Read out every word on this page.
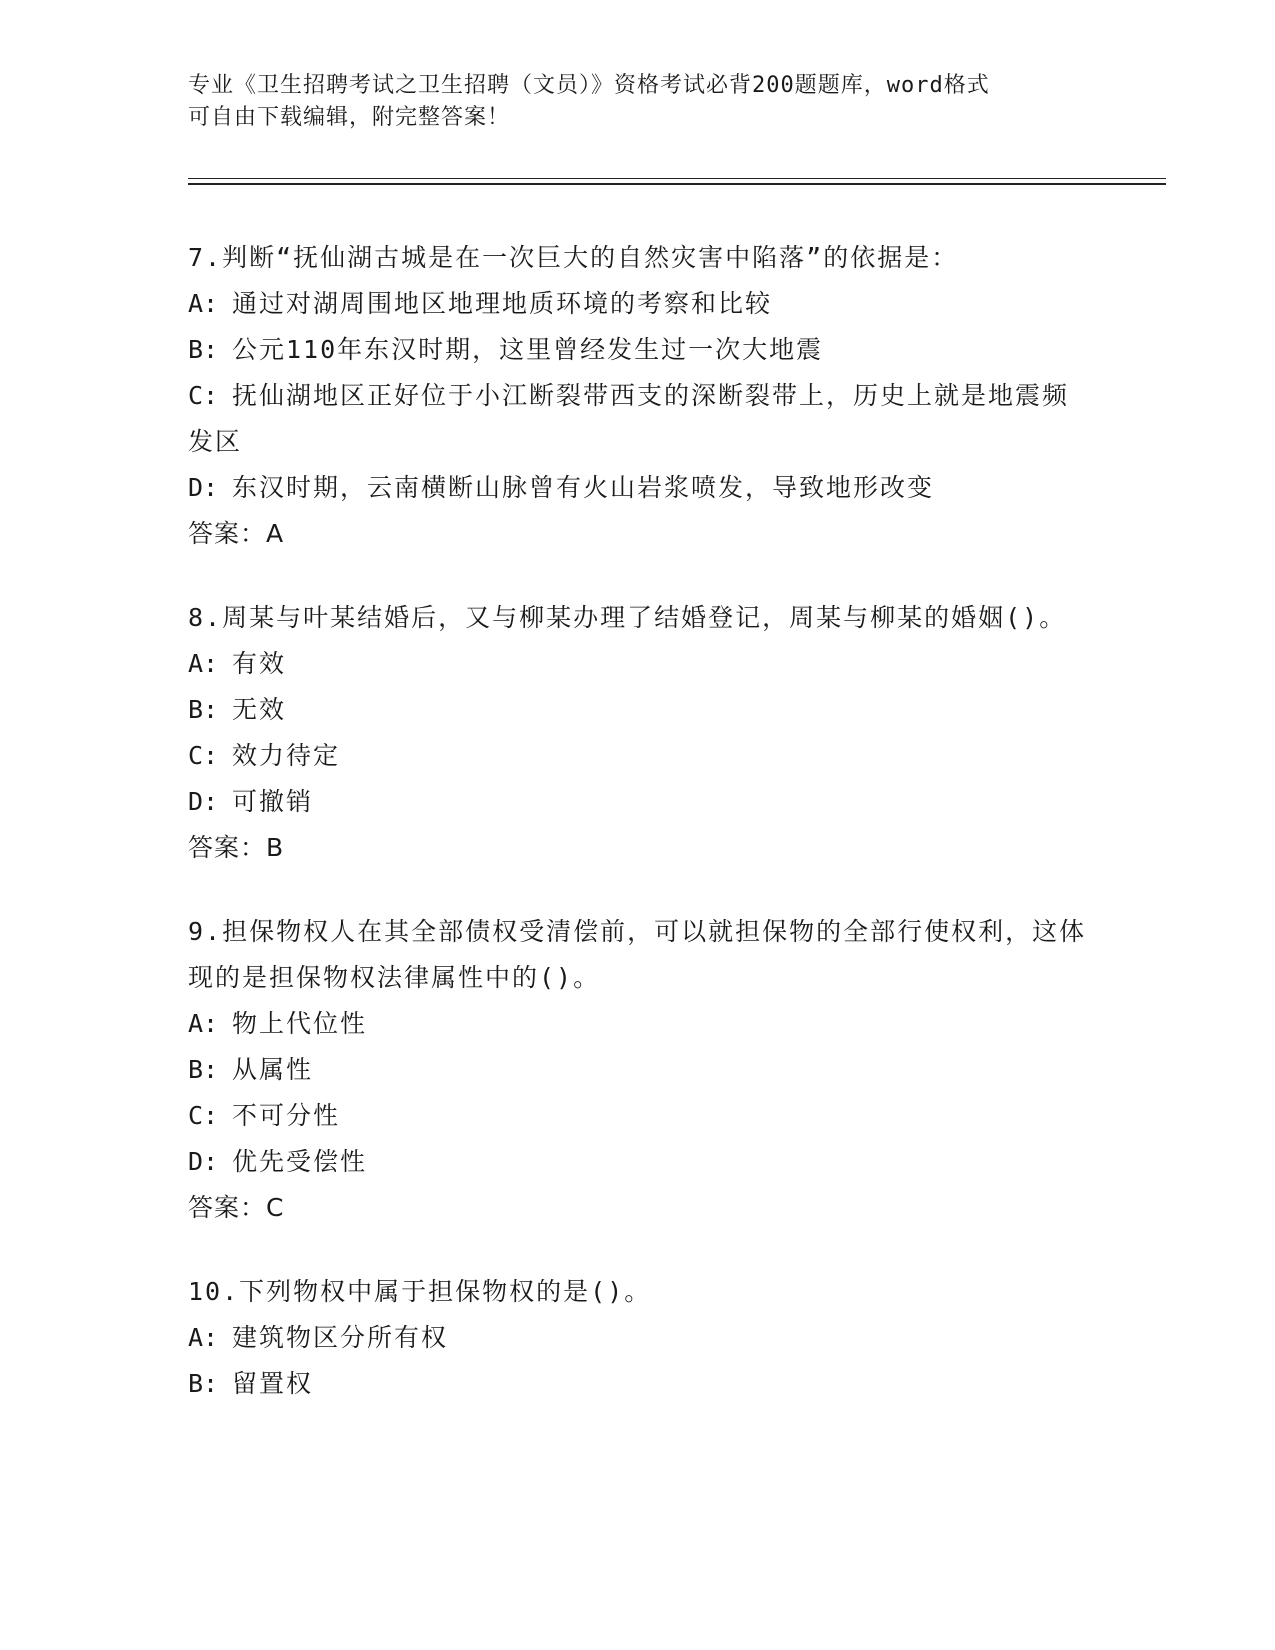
专业《卫生招聘考试之卫生招聘（文员）》资格考试必背200题题库，word格式
可自由下载编辑，附完整答案！

7.判断“抚仙湖古城是在一次巨大的自然灾害中陷落”的依据是：

A: 通过对湖周围地区地理地质环境的考察和比较

B: 公元110年东汉时期，这里曾经发生过一次大地震

C: 抚仙湖地区正好位于小江断裂带西支的深断裂带上，历史上就是地震频发区

D: 东汉时期，云南横断山脉曾有火山岩浆喷发，导致地形改变

答案：A

8.周某与叶某结婚后，又与柳某办理了结婚登记，周某与柳某的婚姻()。

A: 有效

B: 无效

C: 效力待定

D: 可撤销

答案：B

9.担保物权人在其全部债权受清偿前，可以就担保物的全部行使权利，这体现的是担保物权法律属性中的()。

A: 物上代位性

B: 从属性

C: 不可分性

D: 优先受偿性

答案：C

10.下列物权中属于担保物权的是()。

A: 建筑物区分所有权

B: 留置权
